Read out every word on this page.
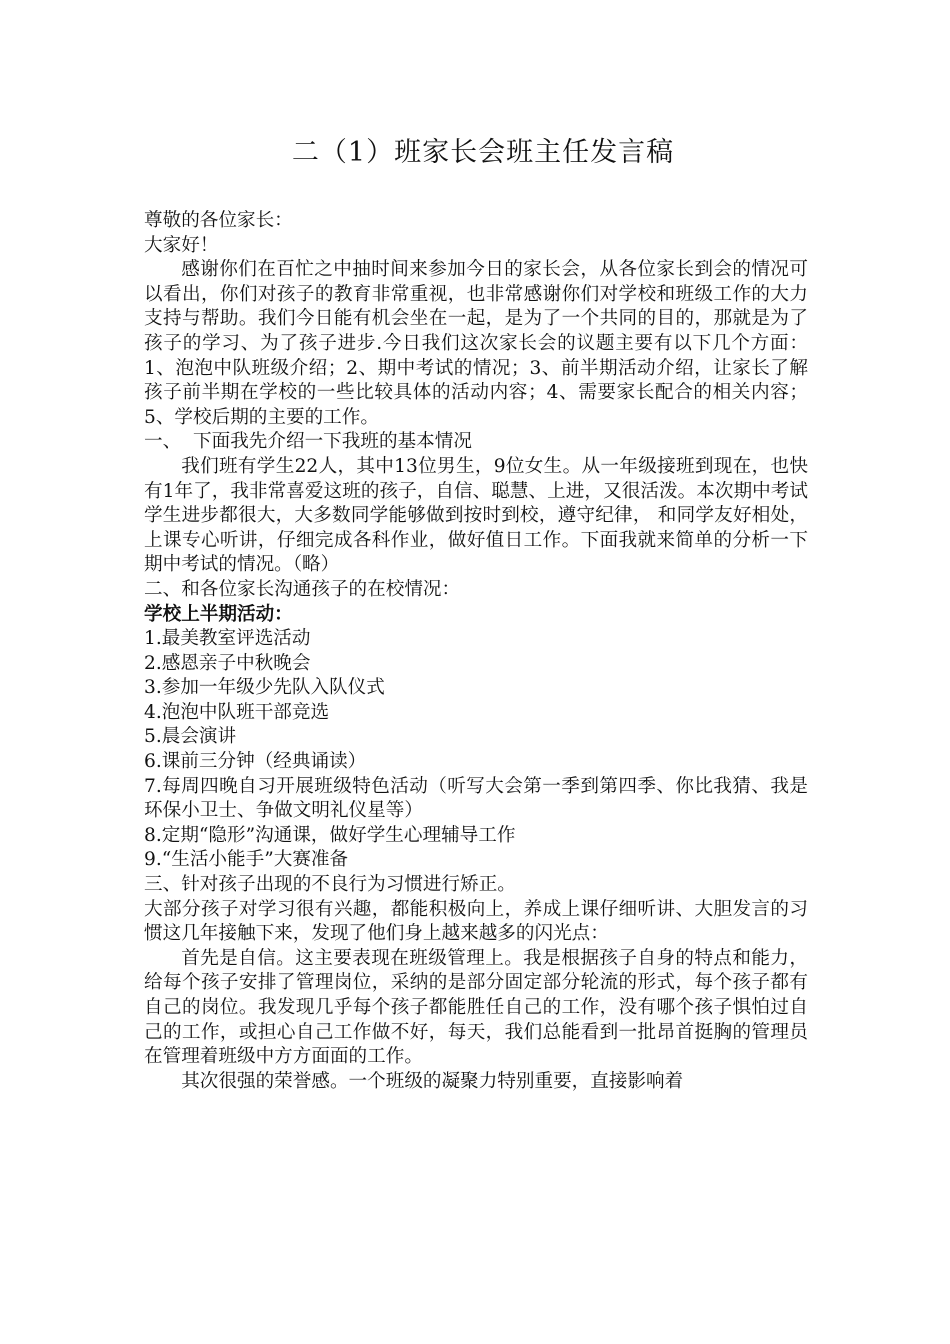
二（1）班家长会班主任发言稿

尊敬的各位家长：

大家好！

感谢你们在百忙之中抽时间来参加今日的家长会，从各位家长到会的情况可以看出，你们对孩子的教育非常重视，也非常感谢你们对学校和班级工作的大力支持与帮助。我们今日能有机会坐在一起，是为了一个共同的目的，那就是为了孩子的学习、为了孩子进步.今日我们这次家长会的议题主要有以下几个方面：1、泡泡中队班级介绍；2、期中考试的情况；3、前半期活动介绍，让家长了解孩子前半期在学校的一些比较具体的活动内容；4、需要家长配合的相关内容；5、学校后期的主要的工作。

一、  下面我先介绍一下我班的基本情况

我们班有学生22人，其中13位男生，9位女生。从一年级接班到现在，也快有1年了，我非常喜爱这班的孩子，自信、聪慧、上进，又很活泼。本次期中考试学生进步都很大，大多数同学能够做到按时到校，遵守纪律， 和同学友好相处，上课专心听讲，仔细完成各科作业，做好值日工作。下面我就来简单的分析一下期中考试的情况。（略）

二、和各位家长沟通孩子的在校情况：

学校上半期活动：

1.最美教室评选活动
2.感恩亲子中秋晚会
3.参加一年级少先队入队仪式
4.泡泡中队班干部竞选
5.晨会演讲
6.课前三分钟（经典诵读）
7.每周四晚自习开展班级特色活动（听写大会第一季到第四季、你比我猜、我是环保小卫士、争做文明礼仪星等）
8.定期“隐形”沟通课，做好学生心理辅导工作
9.“生活小能手”大赛准备

三、针对孩子出现的不良行为习惯进行矫正。

大部分孩子对学习很有兴趣，都能积极向上，养成上课仔细听讲、大胆发言的习惯这几年接触下来，发现了他们身上越来越多的闪光点：

首先是自信。这主要表现在班级管理上。我是根据孩子自身的特点和能力，给每个孩子安排了管理岗位，采纳的是部分固定部分轮流的形式，每个孩子都有自己的岗位。我发现几乎每个孩子都能胜任自己的工作，没有哪个孩子惧怕过自己的工作，或担心自己工作做不好，每天，我们总能看到一批昂首挺胸的管理员在管理着班级中方方面面的工作。

其次很强的荣誉感。一个班级的凝聚力特别重要，直接影响着
